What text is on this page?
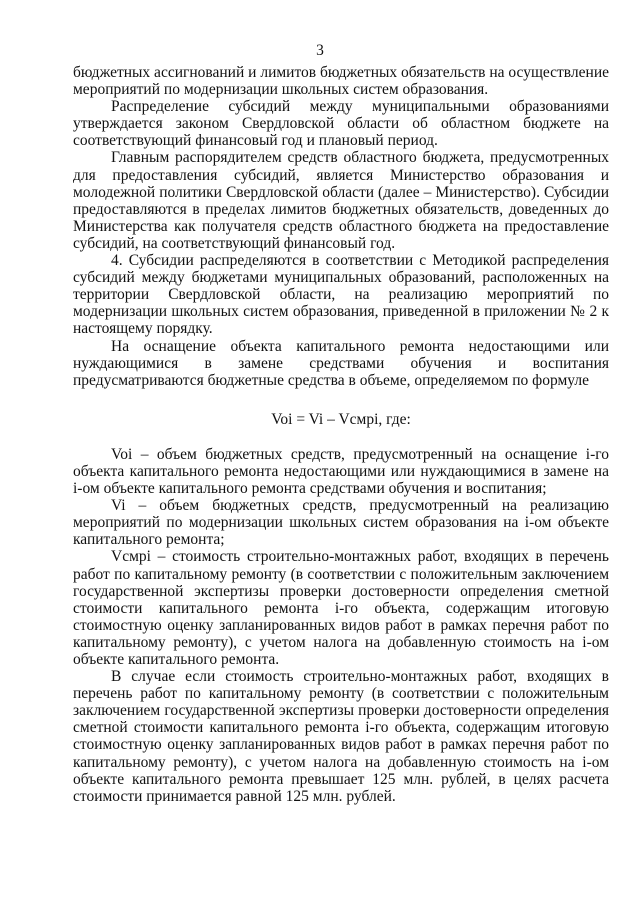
3

бюджетных ассигнований и лимитов бюджетных обязательств на осуществление мероприятий по модернизации школьных систем образования.

Распределение субсидий между муниципальными образованиями утверждается законом Свердловской области об областном бюджете на соответствующий финансовый год и плановый период.

Главным распорядителем средств областного бюджета, предусмотренных для предоставления субсидий, является Министерство образования и молодежной политики Свердловской области (далее – Министерство). Субсидии предоставляются в пределах лимитов бюджетных обязательств, доведенных до Министерства как получателя средств областного бюджета на предоставление субсидий, на соответствующий финансовый год.

4. Субсидии распределяются в соответствии с Методикой распределения субсидий между бюджетами муниципальных образований, расположенных на территории Свердловской области, на реализацию мероприятий по модернизации школьных систем образования, приведенной в приложении № 2 к настоящему порядку.

На оснащение объекта капитального ремонта недостающими или нуждающимися в замене средствами обучения и воспитания предусматриваются бюджетные средства в объеме, определяемом по формуле

Voi = Vi – Vcмpi, где:

Voi – объем бюджетных средств, предусмотренный на оснащение i-го объекта капитального ремонта недостающими или нуждающимися в замене на i-ом объекте капитального ремонта средствами обучения и воспитания;

Vi – объем бюджетных средств, предусмотренный на реализацию мероприятий по модернизации школьных систем образования на i-ом объекте капитального ремонта;

Vcмpi – стоимость строительно-монтажных работ, входящих в перечень работ по капитальному ремонту (в соответствии с положительным заключением государственной экспертизы проверки достоверности определения сметной стоимости капитального ремонта i-го объекта, содержащим итоговую стоимостную оценку запланированных видов работ в рамках перечня работ по капитальному ремонту), с учетом налога на добавленную стоимость на i-ом объекте капитального ремонта.

В случае если стоимость строительно-монтажных работ, входящих в перечень работ по капитальному ремонту (в соответствии с положительным заключением государственной экспертизы проверки достоверности определения сметной стоимости капитального ремонта i-го объекта, содержащим итоговую стоимостную оценку запланированных видов работ в рамках перечня работ по капитальному ремонту), с учетом налога на добавленную стоимость на i-ом объекте капитального ремонта превышает 125 млн. рублей, в целях расчета стоимости принимается равной 125 млн. рублей.
